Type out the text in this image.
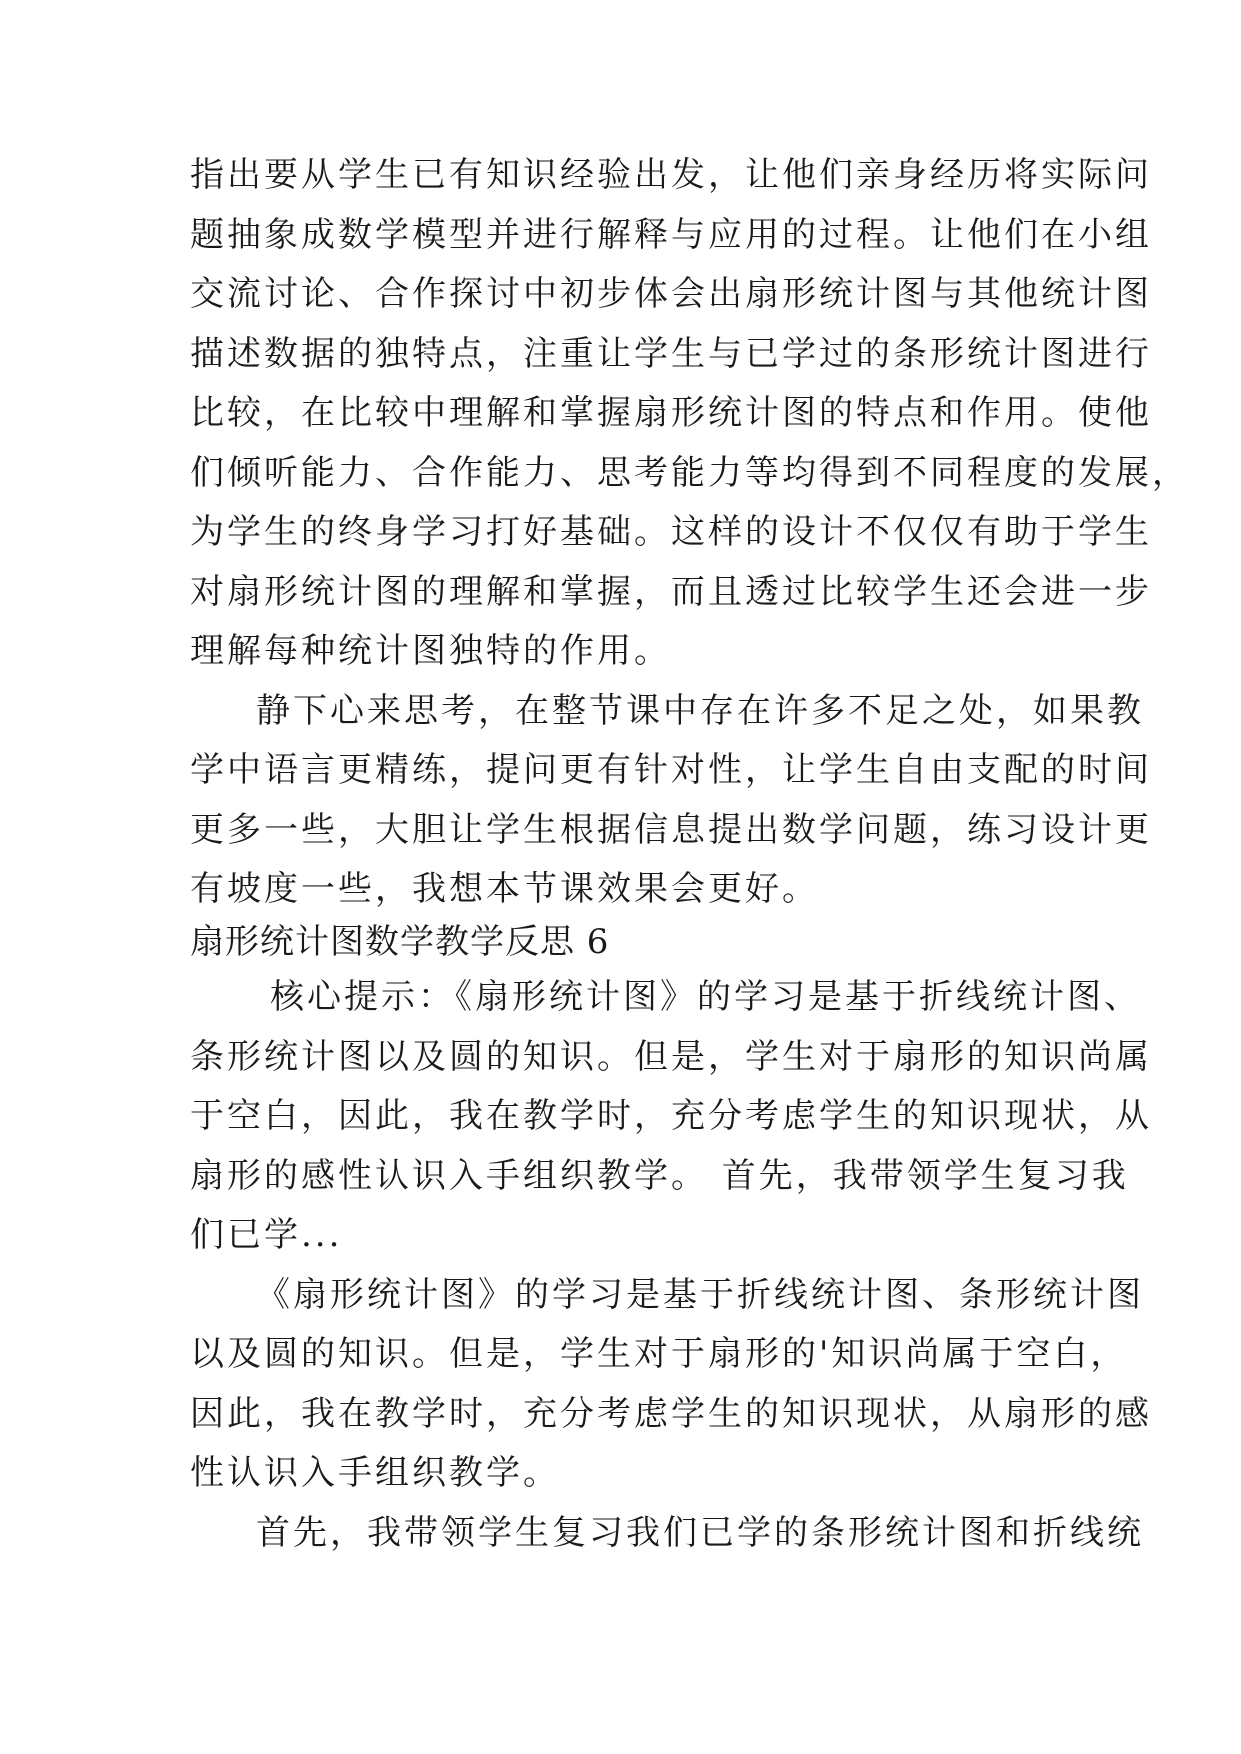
指出要从学生已有知识经验出发，让他们亲身经历将实际问
题抽象成数学模型并进行解释与应用的过程。让他们在小组
交流讨论、合作探讨中初步体会出扇形统计图与其他统计图
描述数据的独特点，注重让学生与已学过的条形统计图进行
比较，在比较中理解和掌握扇形统计图的特点和作用。使他
们倾听能力、合作能力、思考能力等均得到不同程度的发展，
为学生的终身学习打好基础。这样的设计不仅仅有助于学生
对扇形统计图的理解和掌握，而且透过比较学生还会进一步
理解每种统计图独特的作用。
静下心来思考，在整节课中存在许多不足之处，如果教
学中语言更精练，提问更有针对性，让学生自由支配的时间
更多一些，大胆让学生根据信息提出数学问题，练习设计更
有坡度一些，我想本节课效果会更好。
扇形统计图数学教学反思 6
核心提示：《扇形统计图》的学习是基于折线统计图、
条形统计图以及圆的知识。但是，学生对于扇形的知识尚属
于空白，因此，我在教学时，充分考虑学生的知识现状，从
扇形的感性认识入手组织教学。 首先，我带领学生复习我
们已学...
《扇形统计图》的学习是基于折线统计图、条形统计图
以及圆的知识。但是，学生对于扇形的'知识尚属于空白，
因此，我在教学时，充分考虑学生的知识现状，从扇形的感
性认识入手组织教学。
首先，我带领学生复习我们已学的条形统计图和折线统
